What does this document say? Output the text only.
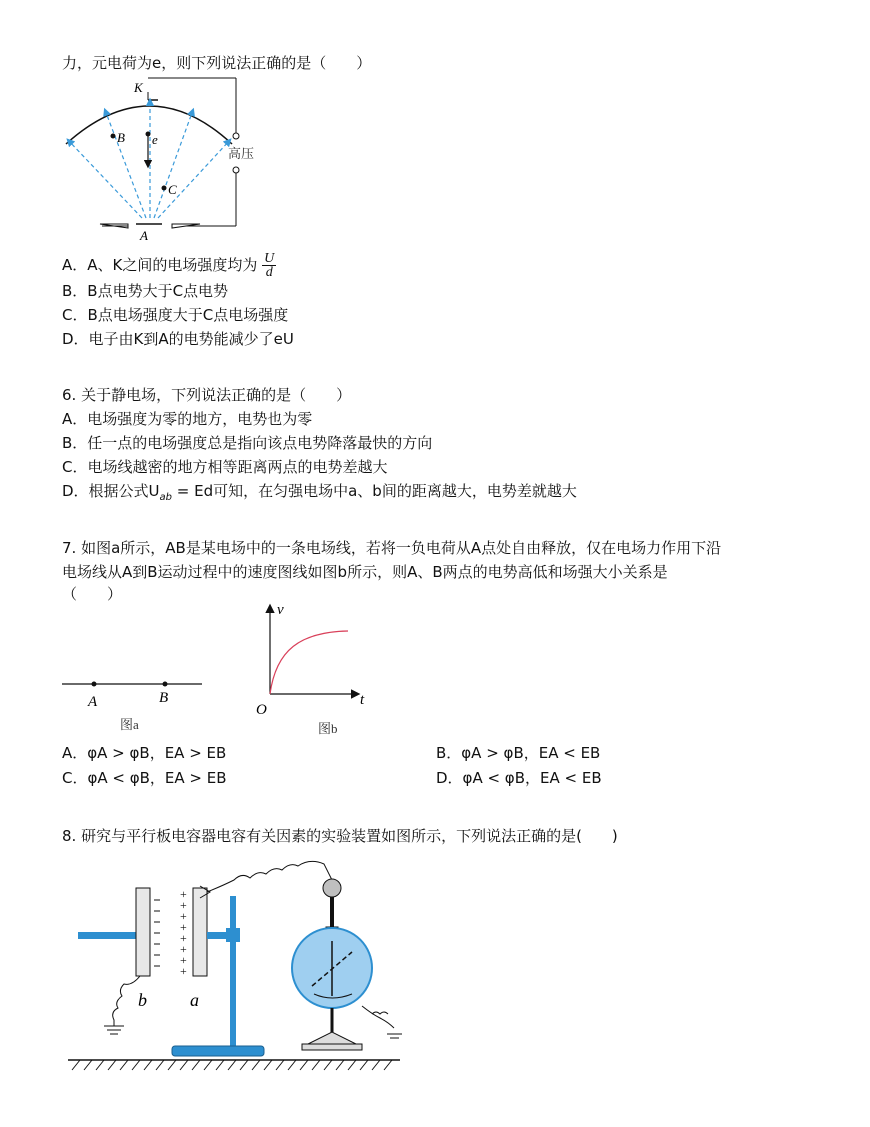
力，元电荷为e，则下列说法正确的是（　　）
K
B e
C
A
高压
A．A、K之间的电场强度均为 $\frac{U}{d}$
B．B点电势大于C点电势
C．B点电场强度大于C点电场强度
D．电子由K到A的电势能减少了eU
6. 关于静电场，下列说法正确的是（　　）
A．电场强度为零的地方，电势也为零
B．任一点的电场强度总是指向该点电势降落最快的方向
C．电场线越密的地方相等距离两点的电势差越大
D．根据公式$U_{ab} = Ed$可知，在匀强电场中a、b间的距离越大，电势差就越大
7. 如图a所示，AB是某电场中的一条电场线，若将一负电荷从A点处自由释放，仅在电场力作用下沿
电场线从A到B运动过程中的速度图线如图b所示，则A、B两点的电势高低和场强大小关系是
（　　）
A	B
图a
v
t
O
图b
A．φA > φB，EA > EB	B．φA > φB，EA < EB
C．φA < φB，EA > EB	D．φA < φB，EA < EB
8. 研究与平行板电容器电容有关因素的实验装置如图所示，下列说法正确的是(　　)
b
+
+
+
+
+
+
+
+
a
